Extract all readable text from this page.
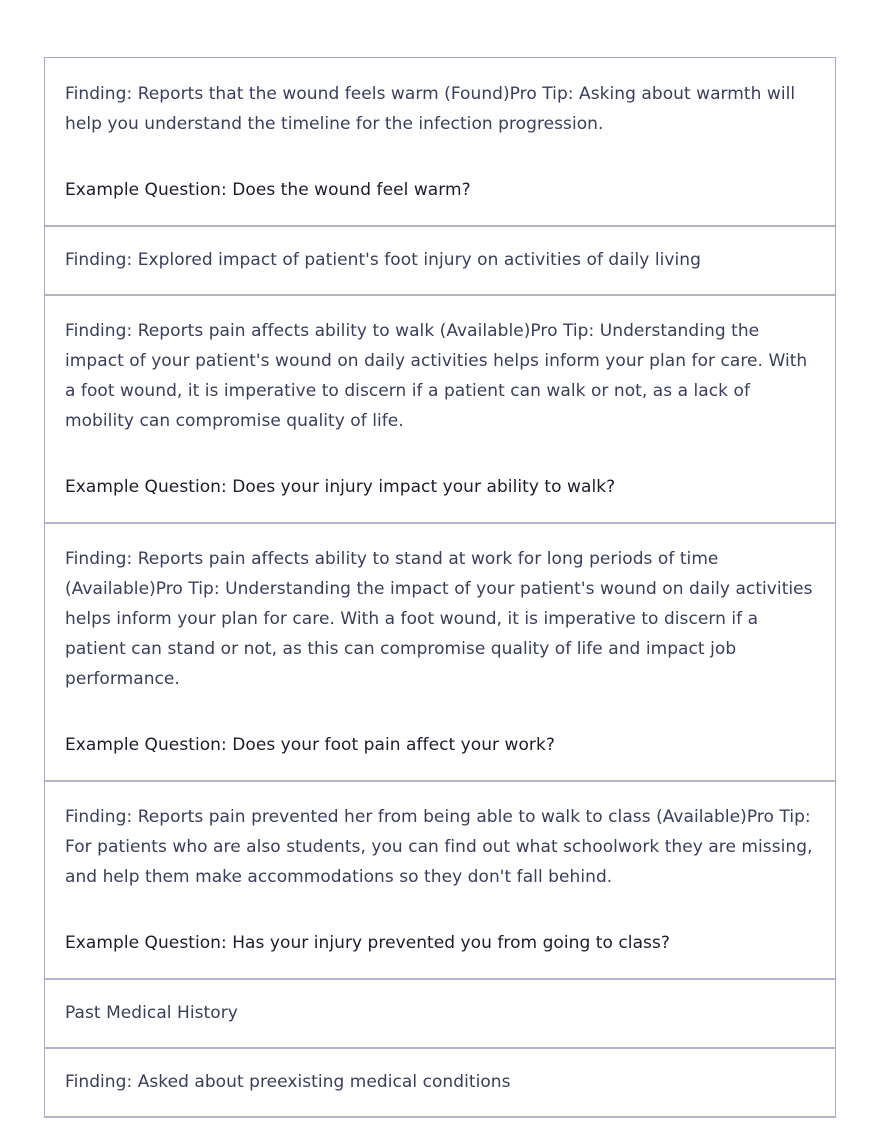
Finding: Reports that the wound feels warm (Found)Pro Tip: Asking about warmth will help you understand the timeline for the infection progression.

Example Question: Does the wound feel warm?

Finding: Explored impact of patient's foot injury on activities of daily living

Finding: Reports pain affects ability to walk (Available)Pro Tip: Understanding the impact of your patient's wound on daily activities helps inform your plan for care. With a foot wound, it is imperative to discern if a patient can walk or not, as a lack of mobility can compromise quality of life.

Example Question: Does your injury impact your ability to walk?

Finding: Reports pain affects ability to stand at work for long periods of time (Available)Pro Tip: Understanding the impact of your patient's wound on daily activities helps inform your plan for care. With a foot wound, it is imperative to discern if a patient can stand or not, as this can compromise quality of life and impact job performance.

Example Question: Does your foot pain affect your work?

Finding: Reports pain prevented her from being able to walk to class (Available)Pro Tip: For patients who are also students, you can find out what schoolwork they are missing, and help them make accommodations so they don't fall behind.

Example Question: Has your injury prevented you from going to class?

Past Medical History

Finding: Asked about preexisting medical conditions
